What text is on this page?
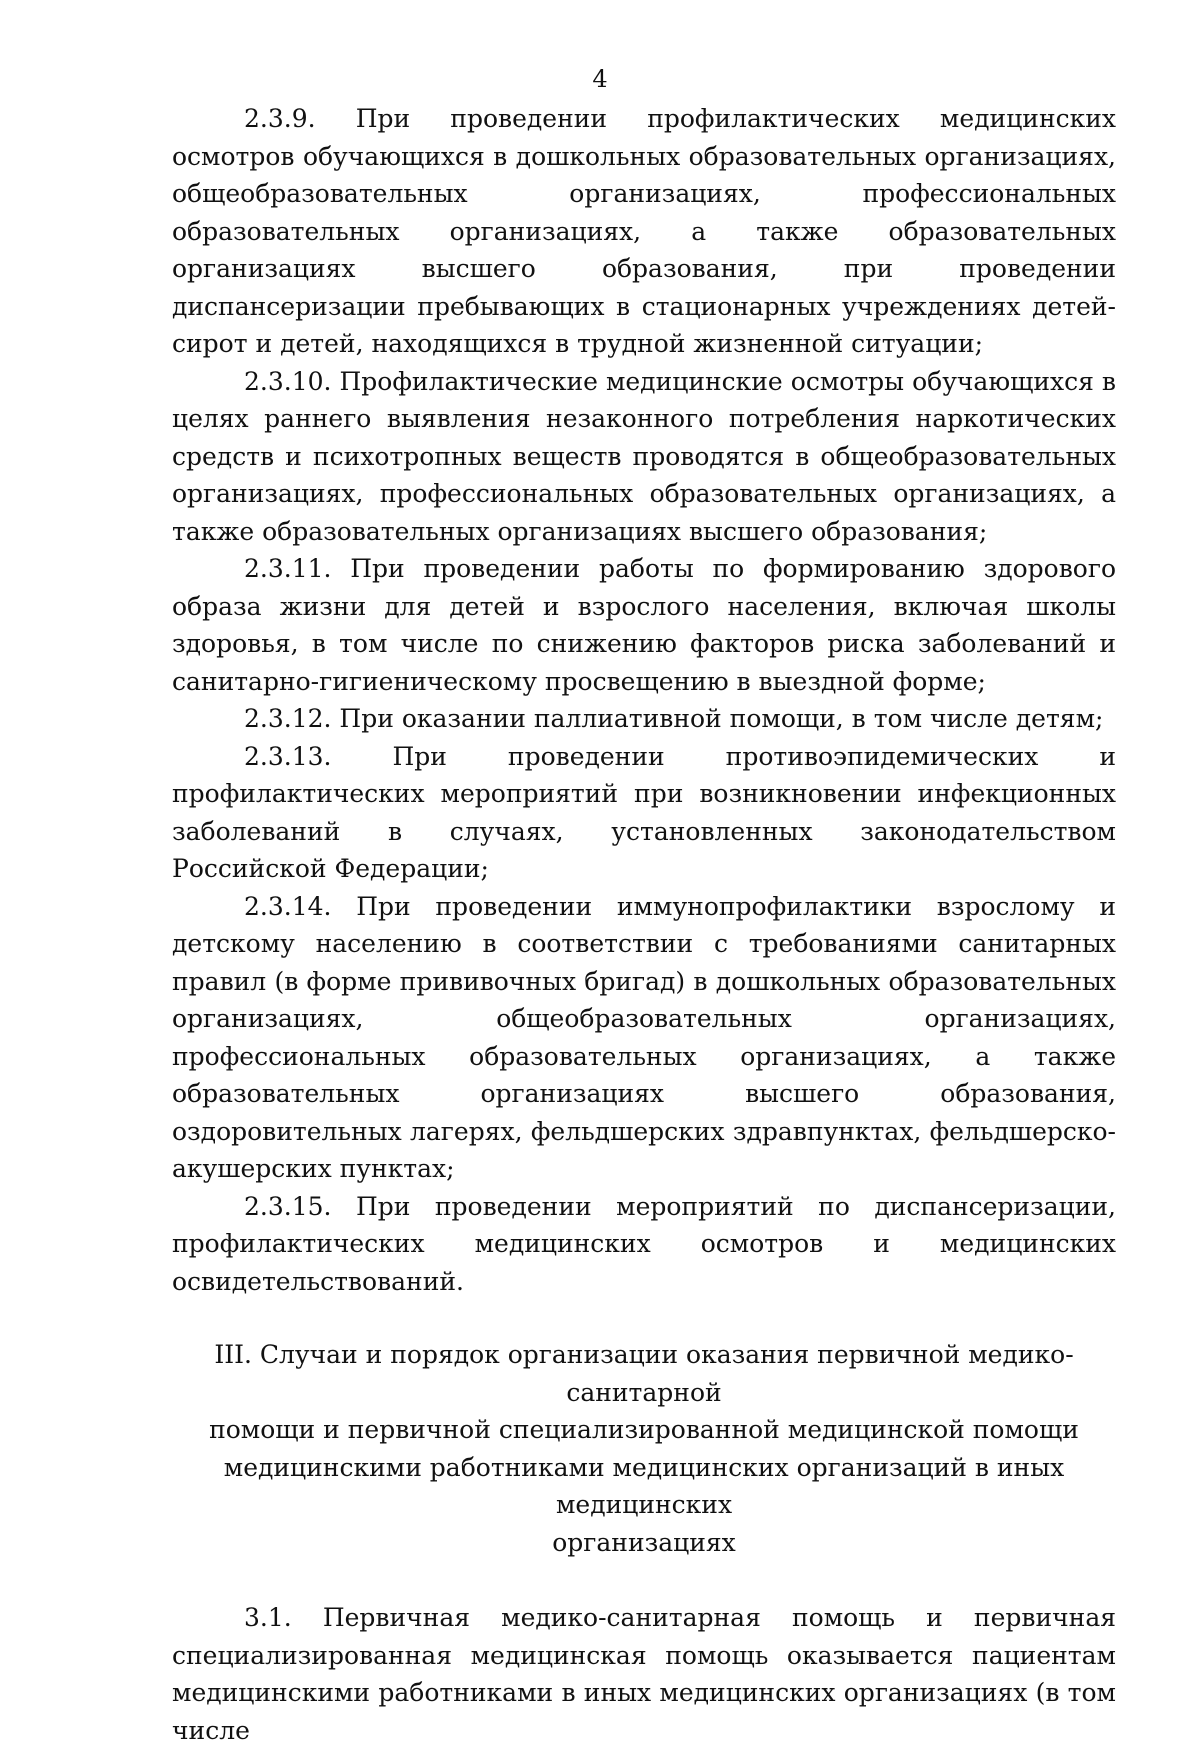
4

2.3.9. При проведении профилактических медицинских осмотров обучающихся в дошкольных образовательных организациях, общеобразовательных организациях, профессиональных образовательных организациях, а также образовательных организациях высшего образования, при проведении диспансеризации пребывающих в стационарных учреждениях детей-сирот и детей, находящихся в трудной жизненной ситуации;

2.3.10. Профилактические медицинские осмотры обучающихся в целях раннего выявления незаконного потребления наркотических средств и психотропных веществ проводятся в общеобразовательных организациях, профессиональных образовательных организациях, а также образовательных организациях высшего образования;

2.3.11. При проведении работы по формированию здорового образа жизни для детей и взрослого населения, включая школы здоровья, в том числе по снижению факторов риска заболеваний и санитарно-гигиеническому просвещению в выездной форме;

2.3.12. При оказании паллиативной помощи, в том числе детям;

2.3.13. При проведении противоэпидемических и профилактических мероприятий при возникновении инфекционных заболеваний в случаях, установленных законодательством Российской Федерации;

2.3.14. При проведении иммунопрофилактики взрослому и детскому населению в соответствии с требованиями санитарных правил (в форме прививочных бригад) в дошкольных образовательных организациях, общеобразовательных организациях, профессиональных образовательных организациях, а также образовательных организациях высшего образования, оздоровительных лагерях, фельдшерских здравпунктах, фельдшерско-акушерских пунктах;

2.3.15. При проведении мероприятий по диспансеризации, профилактических медицинских осмотров и медицинских освидетельствований.

III. Случаи и порядок организации оказания первичной медико-санитарной
помощи и первичной специализированной медицинской помощи
медицинскими работниками медицинских организаций в иных медицинских
организациях

3.1. Первичная медико-санитарная помощь и первичная специализированная медицинская помощь оказывается пациентам медицинскими работниками в иных медицинских организациях (в том числе
